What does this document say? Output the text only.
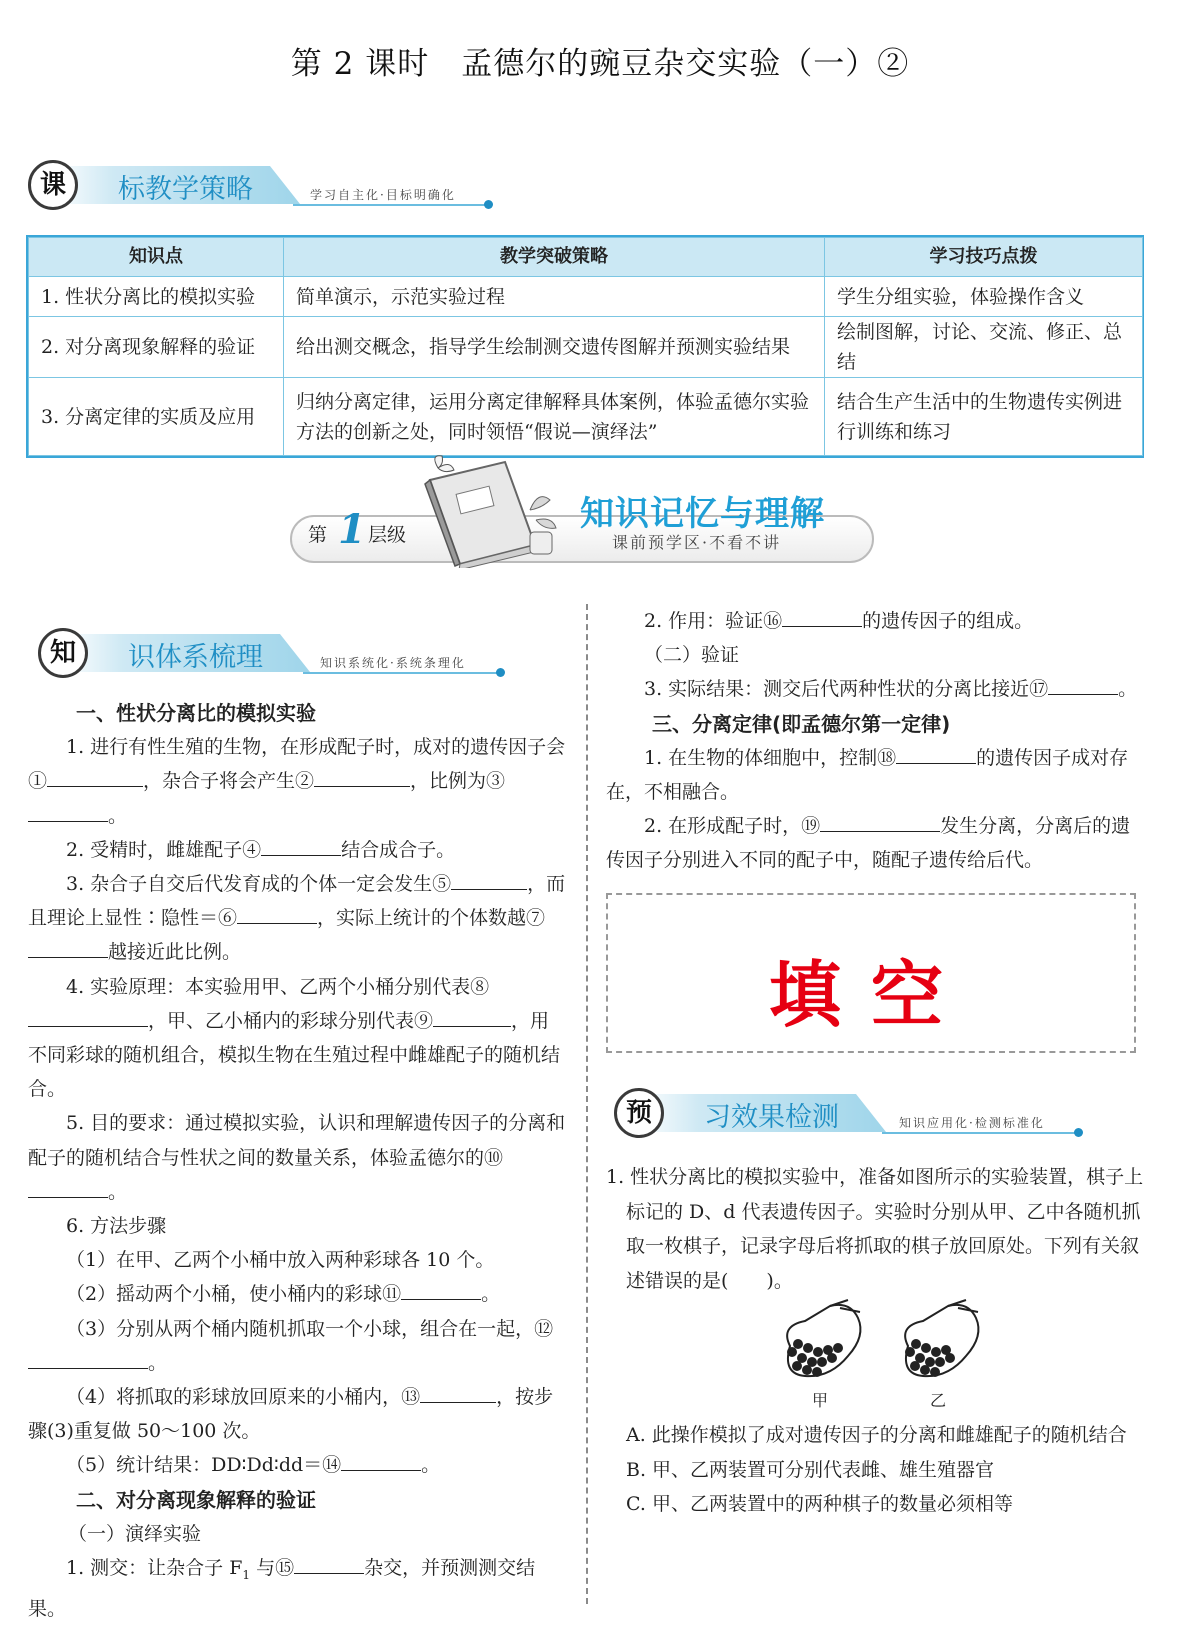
第 2 课时　孟德尔的豌豆杂交实验（一）②
课	标教学策略	学习自主化·目标明确化
知识点	教学突破策略	学习技巧点拨
1. 性状分离比的模拟实验	简单演示，示范实验过程	学生分组实验，体验操作含义
2. 对分离现象解释的验证	给出测交概念，指导学生绘制测交遗传图解并预测实验结果	绘制图解，讨论、交流、修正、总结
3. 分离定律的实质及应用	归纳分离定律，运用分离定律解释具体案例，体验孟德尔实验方法的创新之处，同时领悟“假说—演绎法”	结合生产生活中的生物遗传实例进行训练和练习
第 1 层级
知识记忆与理解
课前预学区·不看不讲
知	识体系梳理	知识系统化·系统条理化
一、性状分离比的模拟实验
1. 进行有性生殖的生物，在形成配子时，成对的遗传因子会①	，杂合子将会产生②	，比例为③。
2. 受精时，雌雄配子④	结合成合子。
3. 杂合子自交后代发育成的个体一定会发生⑤	，而且理论上显性∶隐性＝⑥	，实际上统计的个体数越⑦越接近此比例。
4. 实验原理：本实验用甲、乙两个小桶分别代表⑧，甲、乙小桶内的彩球分别代表⑨	，用不同彩球的随机组合，模拟生物在生殖过程中雌雄配子的随机结合。
5. 目的要求：通过模拟实验，认识和理解遗传因子的分离和配子的随机结合与性状之间的数量关系，体验孟德尔的⑩。
6. 方法步骤
（1）在甲、乙两个小桶中放入两种彩球各 10 个。
（2）摇动两个小桶，使小桶内的彩球⑪	。
（3）分别从两个桶内随机抓取一个小球，组合在一起，⑫。
（4）将抓取的彩球放回原来的小桶内，⑬	，按步骤(3)重复做 50～100 次。
（5）统计结果：DD∶Dd∶dd＝⑭	。
二、对分离现象解释的验证
（一）演绎实验
1. 测交：让杂合子 $F_1$ 与⑮	杂交，并预测测交结果。
2. 作用：验证⑯	的遗传因子的组成。
（二）验证
3. 实际结果：测交后代两种性状的分离比接近⑰	。
三、分离定律(即孟德尔第一定律)
1. 在生物的体细胞中，控制⑱	的遗传因子成对存在，不相融合。
2. 在形成配子时，⑲	发生分离，分离后的遗传因子分别进入不同的配子中，随配子遗传给后代。
填空
预	习效果检测	知识应用化·检测标准化
1. 性状分离比的模拟实验中，准备如图所示的实验装置，棋子上标记的 D、d 代表遗传因子。实验时分别从甲、乙中各随机抓取一枚棋子，记录字母后将抓取的棋子放回原处。下列有关叙述错误的是(　　)。
甲	乙
A. 此操作模拟了成对遗传因子的分离和雌雄配子的随机结合
B. 甲、乙两装置可分别代表雌、雄生殖器官
C. 甲、乙两装置中的两种棋子的数量必须相等
